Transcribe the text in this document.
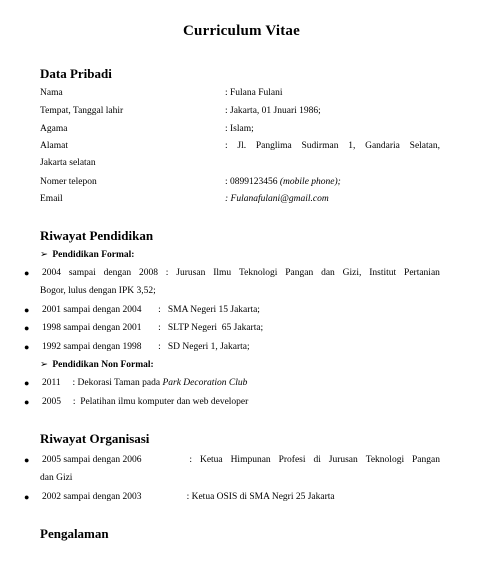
Curriculum Vitae
Data Pribadi
Nama	: Fulana Fulani
Tempat, Tanggal lahir	: Jakarta, 01 Jnuari 1986;
Agama	: Islam;
Alamat	: Jl. Panglima Sudirman 1, Gandaria Selatan,
Jakarta selatan
Nomer telepon	: 0899123456 (mobile phone);
Email	: Fulanafulani@gmail.com
Riwayat Pendidikan
➢ Pendidikan Formal:
● 2004 sampai dengan 2008 : Jurusan Ilmu Teknologi Pangan dan Gizi, Institut Pertanian
Bogor, lulus dengan IPK 3,52;
● 2001 sampai dengan 2004       :   SMA Negeri 15 Jakarta;
● 1998 sampai dengan 2001       :   SLTP Negeri  65 Jakarta;
● 1992 sampai dengan 1998       :   SD Negeri 1, Jakarta;
➢ Pendidikan Non Formal:
● 2011     : Dekorasi Taman pada Park Decoration Club
● 2005     :  Pelatihan ilmu komputer dan web developer
Riwayat Organisasi
● 2005 sampai dengan 2006	: Ketua Himpunan Profesi di Jurusan Teknologi Pangan
dan Gizi
● 2002 sampai dengan 2003                   : Ketua OSIS di SMA Negri 25 Jakarta
Pengalaman
